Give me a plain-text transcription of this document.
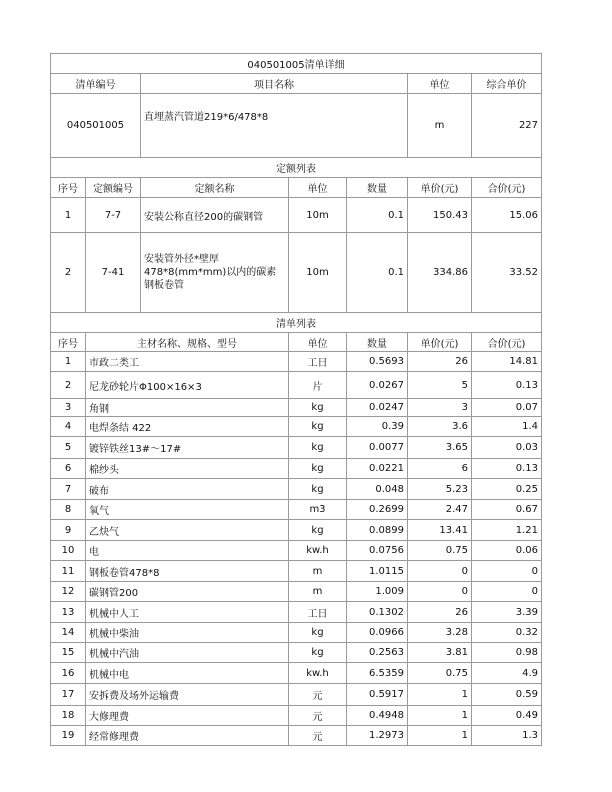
040501005清单详细						
清单编号		项目名称			单位	综合单价
040501005		直埋蒸汽管道219*6/478*8			m	227
定额列表						
序号	定额编号	定额名称	单位	数量	单价(元)	合价(元)
1	7-7	安装公称直径200的碳钢管	10m	0.1	150.43	15.06
2	7-41	安装管外径*壁厚478*8(mm*mm)以内的碳素钢板卷管	10m	0.1	334.86	33.52
清单列表						
序号	主材名称、规格、型号		单位	数量	单价(元)	合价(元)
1	市政二类工		工日	0.5693	26	14.81
2	尼龙砂轮片Φ100×16×3		片	0.0267	5	0.13
3	角钢		kg	0.0247	3	0.07
4	电焊条结 422		kg	0.39	3.6	1.4
5	镀锌铁丝13#～17#		kg	0.0077	3.65	0.03
6	棉纱头		kg	0.0221	6	0.13
7	破布		kg	0.048	5.23	0.25
8	氧气		m3	0.2699	2.47	0.67
9	乙炔气		kg	0.0899	13.41	1.21
10	电		kw.h	0.0756	0.75	0.06
11	钢板卷管478*8		m	1.0115	0	0
12	碳钢管200		m	1.009	0	0
13	机械中人工		工日	0.1302	26	3.39
14	机械中柴油		kg	0.0966	3.28	0.32
15	机械中汽油		kg	0.2563	3.81	0.98
16	机械中电		kw.h	6.5359	0.75	4.9
17	安拆费及场外运输费		元	0.5917	1	0.59
18	大修理费		元	0.4948	1	0.49
19	经常修理费		元	1.2973	1	1.3
